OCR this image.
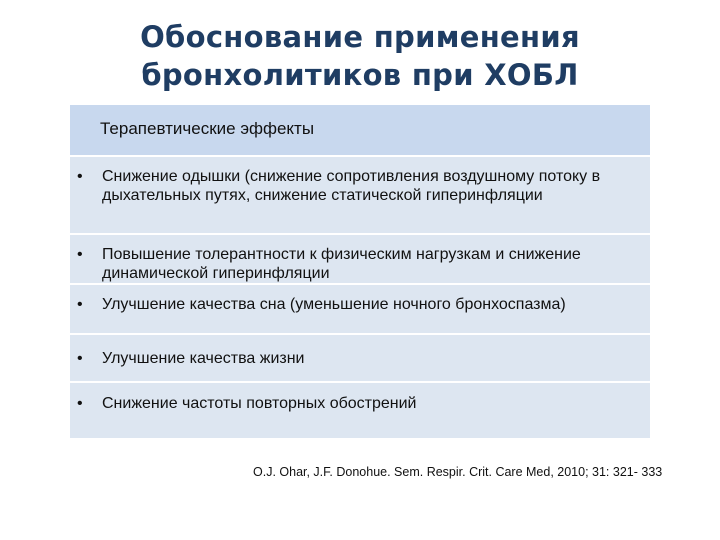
Обоснование применения
бронхолитиков при ХОБЛ
Терапевтические эффекты
• Снижение одышки (снижение сопротивления воздушному потоку в дыхательных путях, снижение статической гиперинфляции
• Повышение толерантности к физическим нагрузкам и снижение динамической гиперинфляции
• Улучшение качества сна (уменьшение ночного бронхоспазма)
• Улучшение качества жизни
• Снижение частоты повторных обострений
O.J. Ohar, J.F. Donohue. Sem. Respir. Crit. Care Med, 2010; 31: 321- 333
